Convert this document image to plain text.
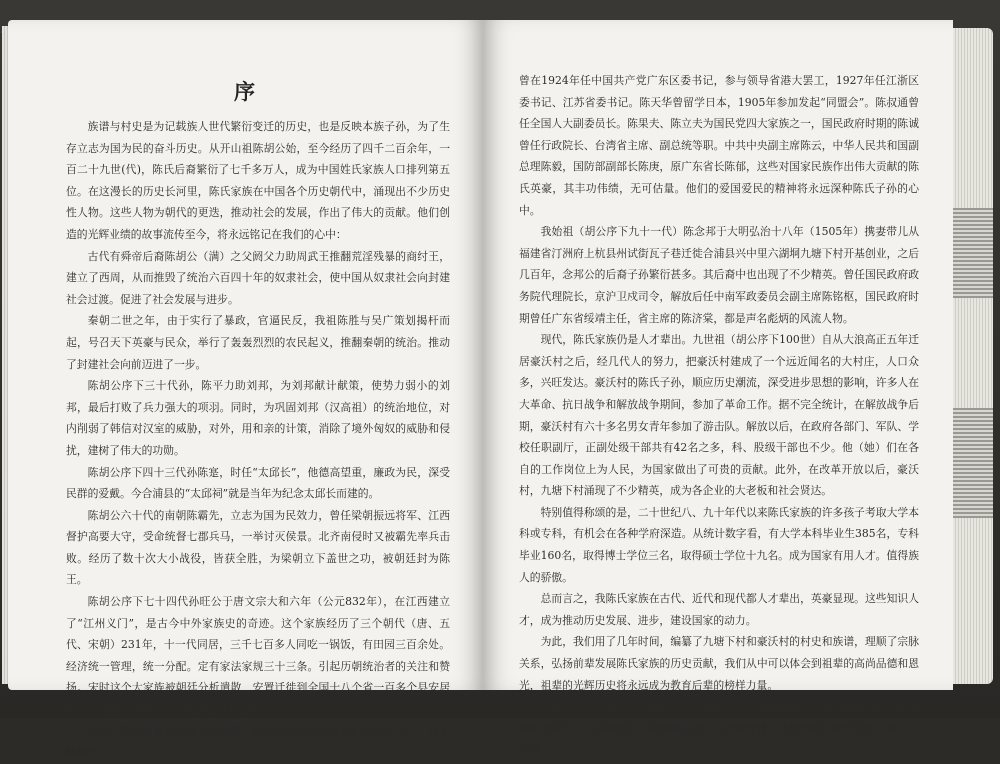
序

族谱与村史是为记载族人世代繁衍变迁的历史，也是反映本族子孙，为了生存立志为国为民的奋斗历史。从开山祖陈胡公始，至今经历了四千二百余年，一百二十九世(代)，陈氏后裔繁衍了七千多万人，成为中国姓氏家族人口排列第五位。在这漫长的历史长河里，陈氏家族在中国各个历史朝代中，涌现出不少历史性人物。这些人物为朝代的更迭，推动社会的发展，作出了伟大的贡献。他们创造的光辉业绩的故事流传至今，将永远铭记在我们的心中：

古代有舜帝后裔陈胡公（满）之父阏父力助周武王推翻荒淫残暴的商纣王，建立了西周，从而推毁了统治六百四十年的奴隶社会，使中国从奴隶社会向封建社会过渡。促进了社会发展与进步。

秦朝二世之年，由于实行了暴政，官逼民反，我祖陈胜与吴广策划揭杆而起，号召天下英豪与民众，举行了轰轰烈烈的农民起义，推翻秦朝的统治。推动了封建社会向前迈进了一步。

陈胡公序下三十代孙，陈平力助刘邦，为刘邦献计献策，使势力弱小的刘邦，最后打败了兵力强大的项羽。同时，为巩固刘邦（汉高祖）的统治地位，对内削弱了韩信对汉室的威胁，对外，用和亲的计策，消除了境外匈奴的威胁和侵扰，建树了伟大的功勋。

陈胡公序下四十三代孙陈寔，时任“太邱长”，他德高望重，廉政为民，深受民群的爱戴。今合浦县的“太邱祠”就是当年为纪念太邱长而建的。

陈胡公六十代的南朝陈霸先，立志为国为民效力，曾任梁朝振远将军、江西督护高要大守，受命统督七郡兵马，一举讨灭侯景。北齐南侵时又被霸先率兵击败。经历了数十次大小战役，皆获全胜，为梁朝立下盖世之功，被朝廷封为陈王。

陈胡公序下七十四代孙旺公于唐文宗大和六年（公元832年），在江西建立了“江州义门”，是古今中外家族史的奇迹。这个家族经历了三个朝代（唐、五代、宋朝）231年，十一代同居，三千七百多人同吃一锅饭，有田园三百余处。经济统一管理，统一分配。定有家法家规三十三条。引起历朝统治者的关注和赞扬。宋时这个大家族被朝廷分析遣散，安置迁徙到全国十八个省一百多个县安居乐业。因此，才有“天下陈姓出江州”之说。

近代，陈氏家族亦出现不少英豪。陈独秀是中国共产党的创始人之一，其子陈延年，

曾在1924年任中国共产党广东区委书记，参与领导省港大罢工，1927年任江浙区委书记、江苏省委书记。陈天华曾留学日本，1905年参加发起“同盟会”。陈叔通曾任全国人大副委员长。陈果夫、陈立夫为国民党四大家族之一，国民政府时期的陈诚曾任行政院长、台湾省主席、副总统等职。中共中央副主席陈云，中华人民共和国副总理陈毅，国防部副部长陈庚，原广东省长陈郁，这些对国家民族作出伟大贡献的陈氏英豪，其丰功伟绩，无可估量。他们的爱国爱民的精神将永远深种陈氏子孙的心中。

我始祖（胡公序下九十一代）陈念邦于大明弘治十八年（1505年）携妻带儿从福建省汀洲府上杭县州试街瓦子巷迁徙合浦县兴中里六湖垌九塘下村开基创业，之后几百年，念邦公的后裔子孙繁衍甚多。其后裔中也出现了不少精英。曾任国民政府政务院代理院长，京沪卫戍司令，解放后任中南军政委员会副主席陈铭枢，国民政府时期曾任广东省绥靖主任，省主席的陈济棠，都是声名彪炳的风流人物。

现代，陈氏家族仍是人才辈出。九世祖（胡公序下100世）自从大浪高正五年迁居豪沃村之后，经几代人的努力，把豪沃村建成了一个远近闻名的大村庄，人口众多，兴旺发达。豪沃村的陈氏子孙，顺应历史潮流，深受进步思想的影响，许多人在大革命、抗日战争和解放战争期间，参加了革命工作。据不完全统计，在解放战争后期，豪沃村有六十多名男女青年参加了游击队。解放以后，在政府各部门、军队、学校任职副厅，正副处级干部共有42名之多，科、股级干部也不少。他（她）们在各自的工作岗位上为人民，为国家做出了可贵的贡献。此外，在改革开放以后，豪沃村，九塘下村涌现了不少精英，成为各企业的大老板和社会贤达。

特别值得称颂的是，二十世纪八、九十年代以来陈氏家族的许多孩子考取大学本科或专科，有机会在各种学府深造。从统计数字看，有大学本科毕业生385名，专科毕业160名，取得博士学位三名，取得硕士学位十九名。成为国家有用人才。值得族人的骄傲。

总而言之，我陈氏家族在古代、近代和现代都人才辈出，英豪显现。这些知识人才，成为推动历史发展、进步，建设国家的动力。

为此，我们用了几年时间，编纂了九塘下村和豪沃村的村史和族谱，理顺了宗脉关系，弘扬前辈发展陈氏家族的历史贡献，我们从中可以体会到祖辈的高尚品德和恩光，祖辈的光辉历史将永远成为教育后辈的榜样力量。

这部村史与族谱，其编辑设计上有所创新：一是把村史与族谱有机结合在一起是前所未有的；二是族谱的《家族成员表》在内容安排上比较合理、科学有序，在一个表内
